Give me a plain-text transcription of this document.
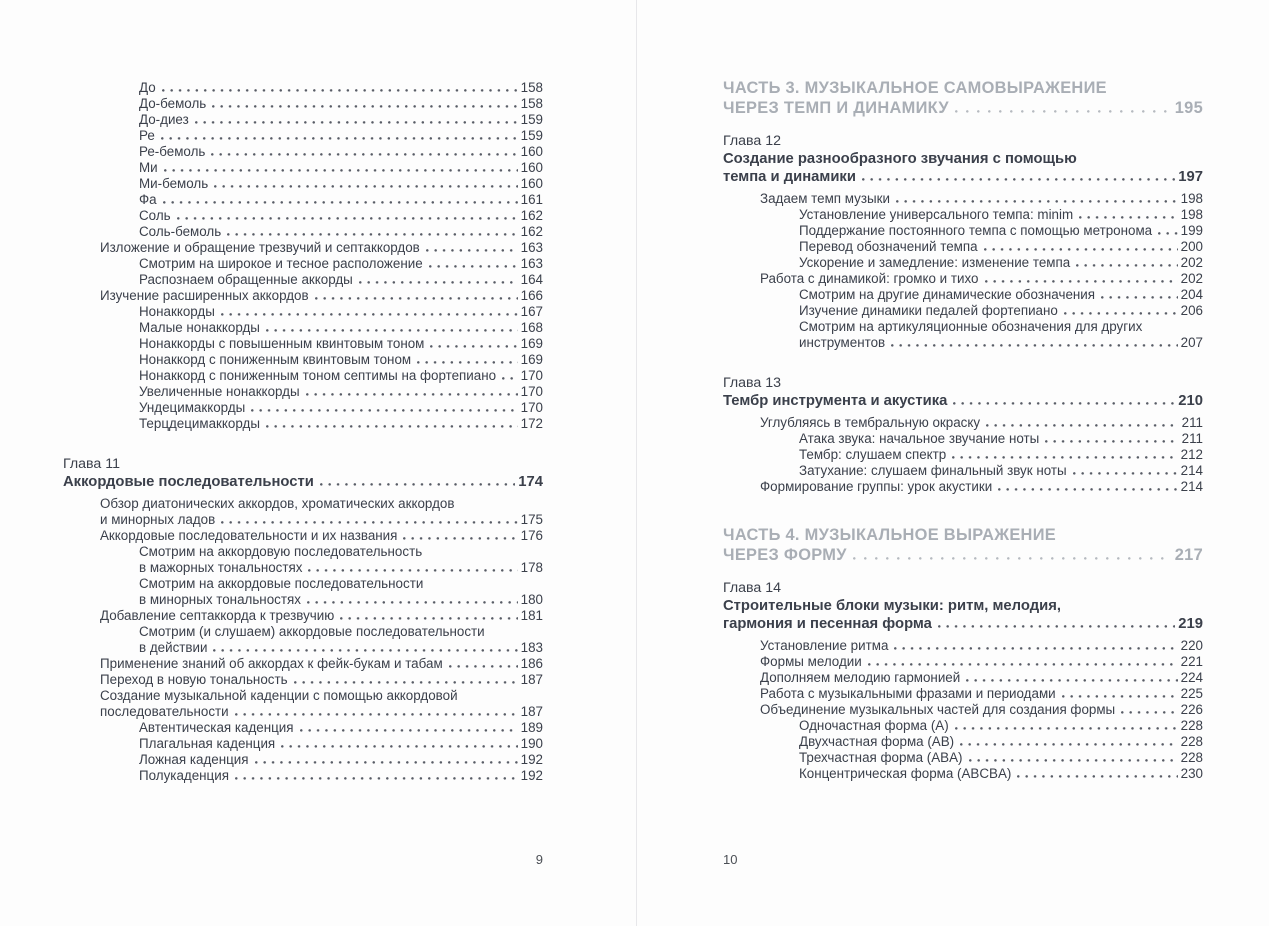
До	158
До-бемоль	158
До-диез	159
Ре	159
Ре-бемоль	160
Ми	160
Ми-бемоль	160
Фа	161
Соль	162
Соль-бемоль	162
Изложение и обращение трезвучий и септаккордов	163
Смотрим на широкое и тесное расположение	163
Распознаем обращенные аккорды	164
Изучение расширенных аккордов	166
Нонаккорды	167
Малые нонаккорды	168
Нонаккорды с повышенным квинтовым тоном	169
Нонаккорд с пониженным квинтовым тоном	169
Нонаккорд с пониженным тоном септимы на фортепиано 170
Увеличенные нонаккорды	170
Ундецимаккорды	170
Терцдецимаккорды	172
Глава 11
Аккордовые последовательности	174
Обзор диатонических аккордов, хроматических аккордов
и минорных ладов	175
Аккордовые последовательности и их названия	176
Смотрим на аккордовую последовательность
в мажорных тональностях	178
Смотрим на аккордовые последовательности
в минорных тональностях	180
Добавление септаккорда к трезвучию	181
Смотрим (и слушаем) аккордовые последовательности
в действии	183
Применение знаний об аккордах к фейк-букам и табам	186
Переход в новую тональность	187
Создание музыкальной каденции с помощью аккордовой
последовательности	187
Автентическая каденция	189
Плагальная каденция	190
Ложная каденция	192
Полукаденция	192
ЧАСТЬ 3. МУЗЫКАЛЬНОЕ САМОВЫРАЖЕНИЕ
ЧЕРЕЗ ТЕМП И ДИНАМИКУ	195
Глава 12
Создание разнообразного звучания с помощью
темпа и динамики	197
Задаем темп музыки	198
Установление универсального темпа: minim	198
Поддержание постоянного темпа с помощью метронома 199
Перевод обозначений темпа	200
Ускорение и замедление: изменение темпа	202
Работа с динамикой: громко и тихо	202
Смотрим на другие динамические обозначения	204
Изучение динамики педалей фортепиано	206
Смотрим на артикуляционные обозначения для других
инструментов	207
Глава 13
Тембр инструмента и акустика	210
Углубляясь в тембральную окраску	211
Атака звука: начальное звучание ноты	211
Тембр: слушаем спектр	212
Затухание: слушаем финальный звук ноты	214
Формирование группы: урок акустики	214
ЧАСТЬ 4. МУЗЫКАЛЬНОЕ ВЫРАЖЕНИЕ
ЧЕРЕЗ ФОРМУ	217
Глава 14
Строительные блоки музыки: ритм, мелодия,
гармония и песенная форма	219
Установление ритма	220
Формы мелодии	221
Дополняем мелодию гармонией	224
Работа с музыкальными фразами и периодами	225
Объединение музыкальных частей для создания формы	226
Одночастная форма (A)	228
Двухчастная форма (AB)	228
Трехчастная форма (ABA)	228
Концентрическая форма (ABCBA)	230
9	10
